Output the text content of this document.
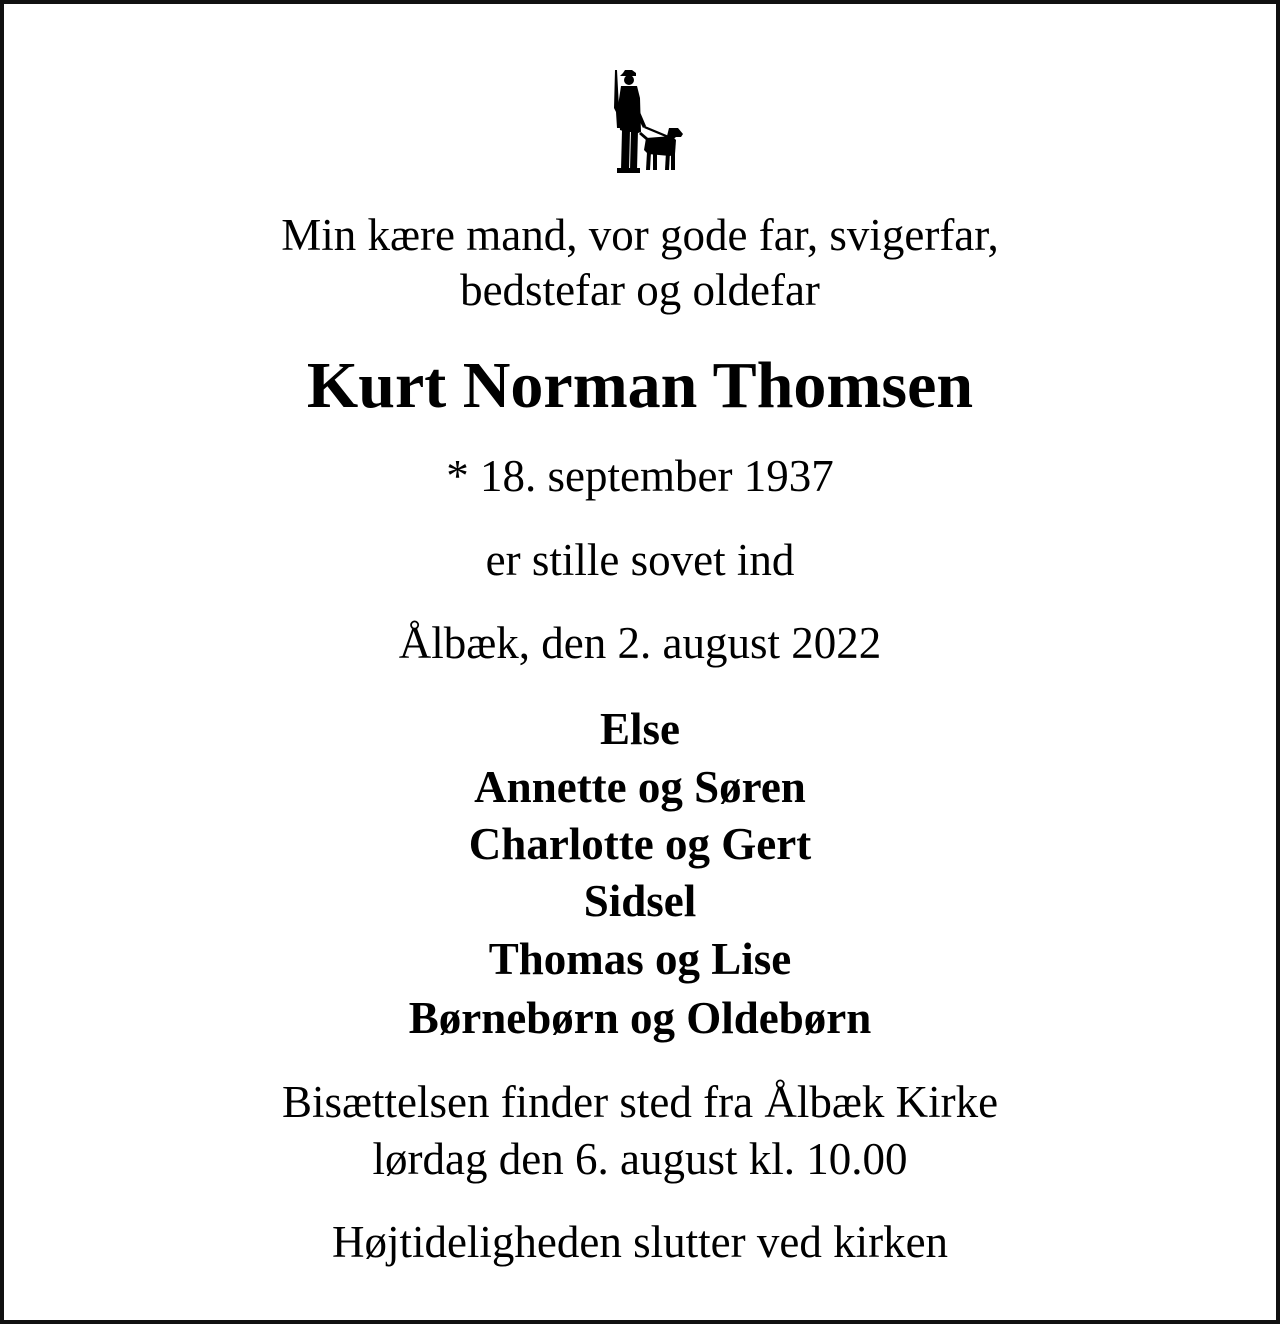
Min kære mand, vor gode far, svigerfar,
bedstefar og oldefar
Kurt Norman Thomsen
* 18. september 1937
er stille sovet ind
Ålbæk, den 2. august 2022
Else
Annette og Søren
Charlotte og Gert
Sidsel
Thomas og Lise
Børnebørn og Oldebørn
Bisættelsen finder sted fra Ålbæk Kirke
lørdag den 6. august kl. 10.00
Højtideligheden slutter ved kirken
